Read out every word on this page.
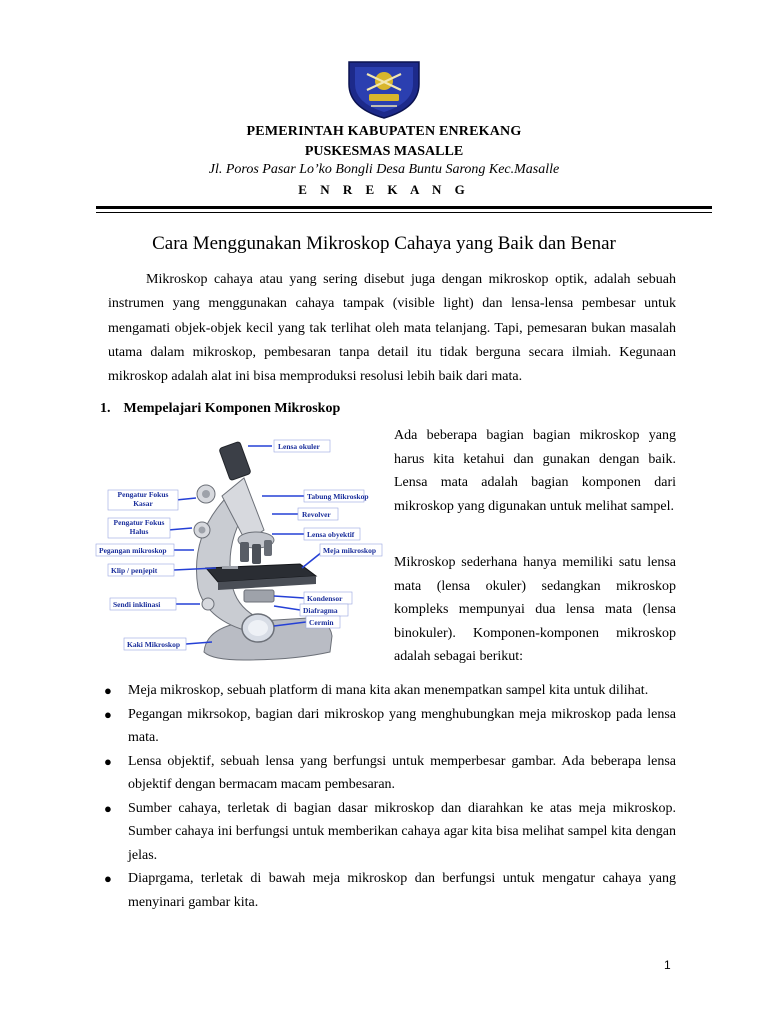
PEMERINTAH KABUPATEN ENREKANG
PUSKESMAS MASALLE
Jl. Poros Pasar Lo’ko Bongli Desa Buntu Sarong Kec.Masalle
E N R E K A N G
Cara Menggunakan Mikroskop Cahaya yang Baik dan Benar
Mikroskop cahaya atau yang sering disebut juga dengan mikroskop optik, adalah sebuah instrumen yang menggunakan cahaya tampak (visible light) dan lensa-lensa pembesar untuk mengamati objek-objek kecil yang tak terlihat oleh mata telanjang. Tapi, pemesaran bukan masalah utama dalam mikroskop, pembesaran tanpa detail itu tidak berguna secara ilmiah. Kegunaan mikroskop adalah alat ini bisa memproduksi resolusi lebih baik dari mata.
1. Mempelajari Komponen Mikroskop
Lensa okuler
Tabung Mikroskop
Revolver
Lensa obyektif
Meja mikroskop
Kondensor
Diafragma
Cermin
Pengatur Fokus Kasar
Pengatur Fokus Halus
Pegangan mikroskop
Klip / penjepit
Sendi inklinasi
Kaki Mikroskop
Ada beberapa bagian bagian mikroskop yang harus kita ketahui dan gunakan dengan baik. Lensa mata adalah bagian komponen dari mikroskop yang digunakan untuk melihat sampel.
Mikroskop sederhana hanya memiliki satu lensa mata (lensa okuler) sedangkan mikroskop kompleks mempunyai dua lensa mata (lensa binokuler). Komponen-komponen mikroskop adalah sebagai berikut:
● Meja mikroskop, sebuah platform di mana kita akan menempatkan sampel kita untuk dilihat.
● Pegangan mikrsokop, bagian dari mikroskop yang menghubungkan meja mikroskop pada lensa mata.
● Lensa objektif, sebuah lensa yang berfungsi untuk memperbesar gambar. Ada beberapa lensa objektif dengan bermacam macam pembesaran.
● Sumber cahaya, terletak di bagian dasar mikroskop dan diarahkan ke atas meja mikroskop. Sumber cahaya ini berfungsi untuk memberikan cahaya agar kita bisa melihat sampel kita dengan jelas.
● Diaprgama, terletak di bawah meja mikroskop dan berfungsi untuk mengatur cahaya yang menyinari gambar kita.
1
